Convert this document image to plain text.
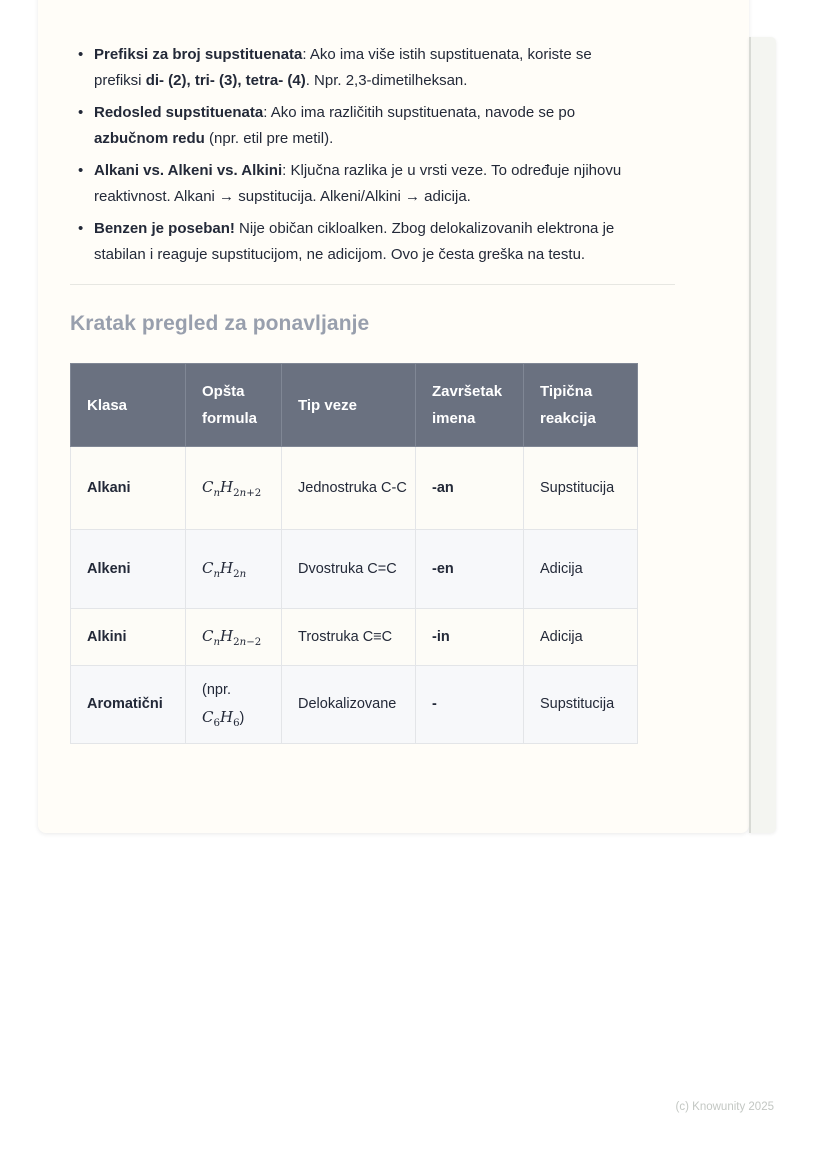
• Prefiksi za broj supstituenata: Ako ima više istih supstituenata, koriste se prefiksi di- (2), tri- (3), tetra- (4). Npr. 2,3-dimetilheksan.
• Redosled supstituenata: Ako ima različitih supstituenata, navode se po azbučnom redu (npr. etil pre metil).
• Alkani vs. Alkeni vs. Alkini: Ključna razlika je u vrsti veze. To određuje njihovu reaktivnost. Alkani → supstitucija. Alkeni/Alkini → adicija.
• Benzen je poseban! Nije običan cikloalken. Zbog delokalizovanih elektrona je stabilan i reaguje supstitucijom, ne adicijom. Ovo je česta greška na testu.
Kratak pregled za ponavljanje
Klasa	Opšta formula	Tip veze	Završetak imena	Tipična reakcija
Alkani	$C_nH_{2n+2}$	Jednostruka C-C	-an	Supstitucija
Alkeni	$C_nH_{2n}$	Dvostruka C=C	-en	Adicija
Alkini	$C_nH_{2n-2}$	Trostruka C≡C	-in	Adicija
Aromatični	(npr. $C_6H_6$)	Delokalizovane	-	Supstitucija
(c) Knowunity 2025
